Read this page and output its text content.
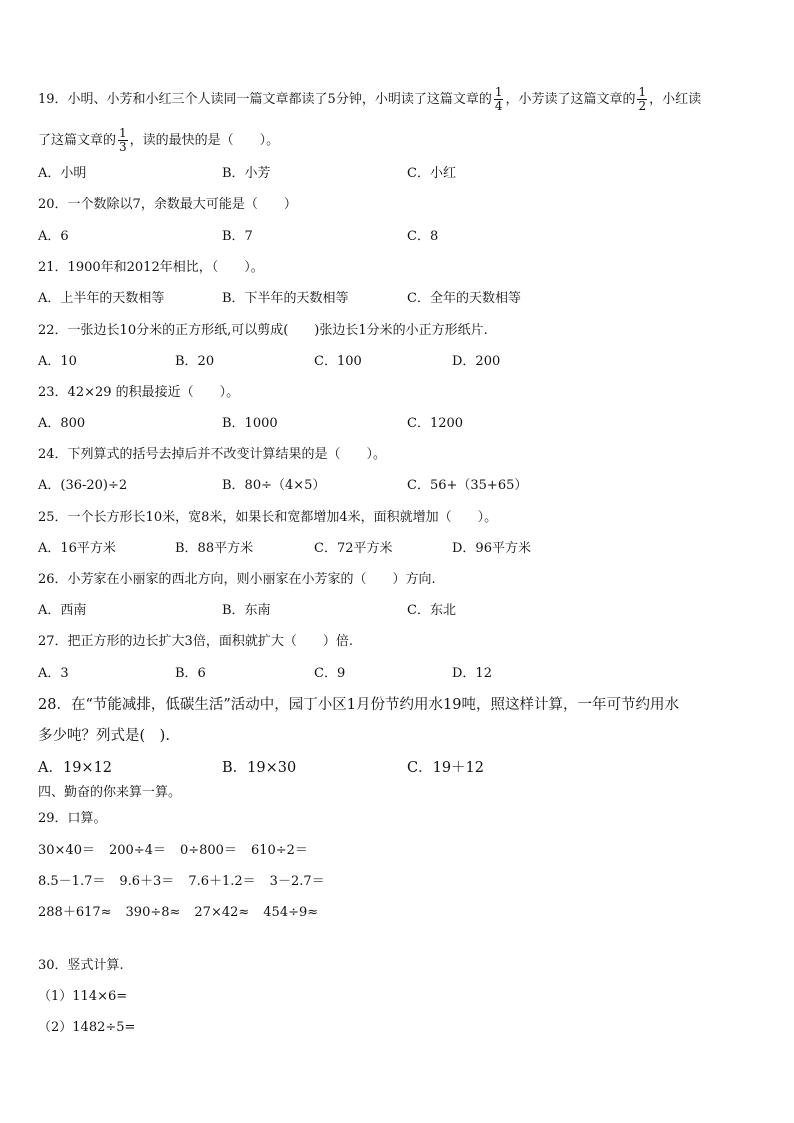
19．小明、小芳和小红三个人读同一篇文章都读了5分钟，小明读了这篇文章的 $\frac{1}{4}$ ，小芳读了这篇文章的 $\frac{1}{2}$ ，小红读
了这篇文章的 $\frac{1}{3}$ ，读的最快的是（　　）。
A．小明	B．小芳	C．小红
20．一个数除以7，余数最大可能是（　　）
A．6	B．7	C．8
21．1900年和2012年相比，（　　）。
A．上半年的天数相等	B．下半年的天数相等	C．全年的天数相等
22．一张边长10分米的正方形纸,可以剪成(　　)张边长1分米的小正方形纸片.
A．10	B．20	C．100	D．200
23．42×29 的积最接近（　　）。
A．800	B．1000	C．1200
24．下列算式的括号去掉后并不改变计算结果的是（　　）。
A．(36-20)÷2	B．80÷（4×5）	C．56+（35+65）
25．一个长方形长10米，宽8米，如果长和宽都增加4米，面积就增加（　　）。
A．16平方米	B．88平方米	C．72平方米	D．96平方米
26．小芳家在小丽家的西北方向，则小丽家在小芳家的（　　）方向.
A．西南	B．东南	C．东北
27．把正方形的边长扩大3倍，面积就扩大（　　）倍.
A．3	B．6	C．9	D．12
28．在“节能减排，低碳生活”活动中，园丁小区1月份节约用水19吨，照这样计算，一年可节约用水
多少吨？列式是(　).
A．19×12	B．19×30	C．19＋12
四、勤奋的你来算一算。
29．口算。
30×40＝ 200÷4＝ 0÷800＝ 610÷2＝
8.5－1.7＝ 9.6＋3＝ 7.6＋1.2＝ 3－2.7＝
288＋617≈ 390÷8≈ 27×42≈ 454÷9≈
30．竖式计算.
（1）114×6=
（2）1482÷5=
